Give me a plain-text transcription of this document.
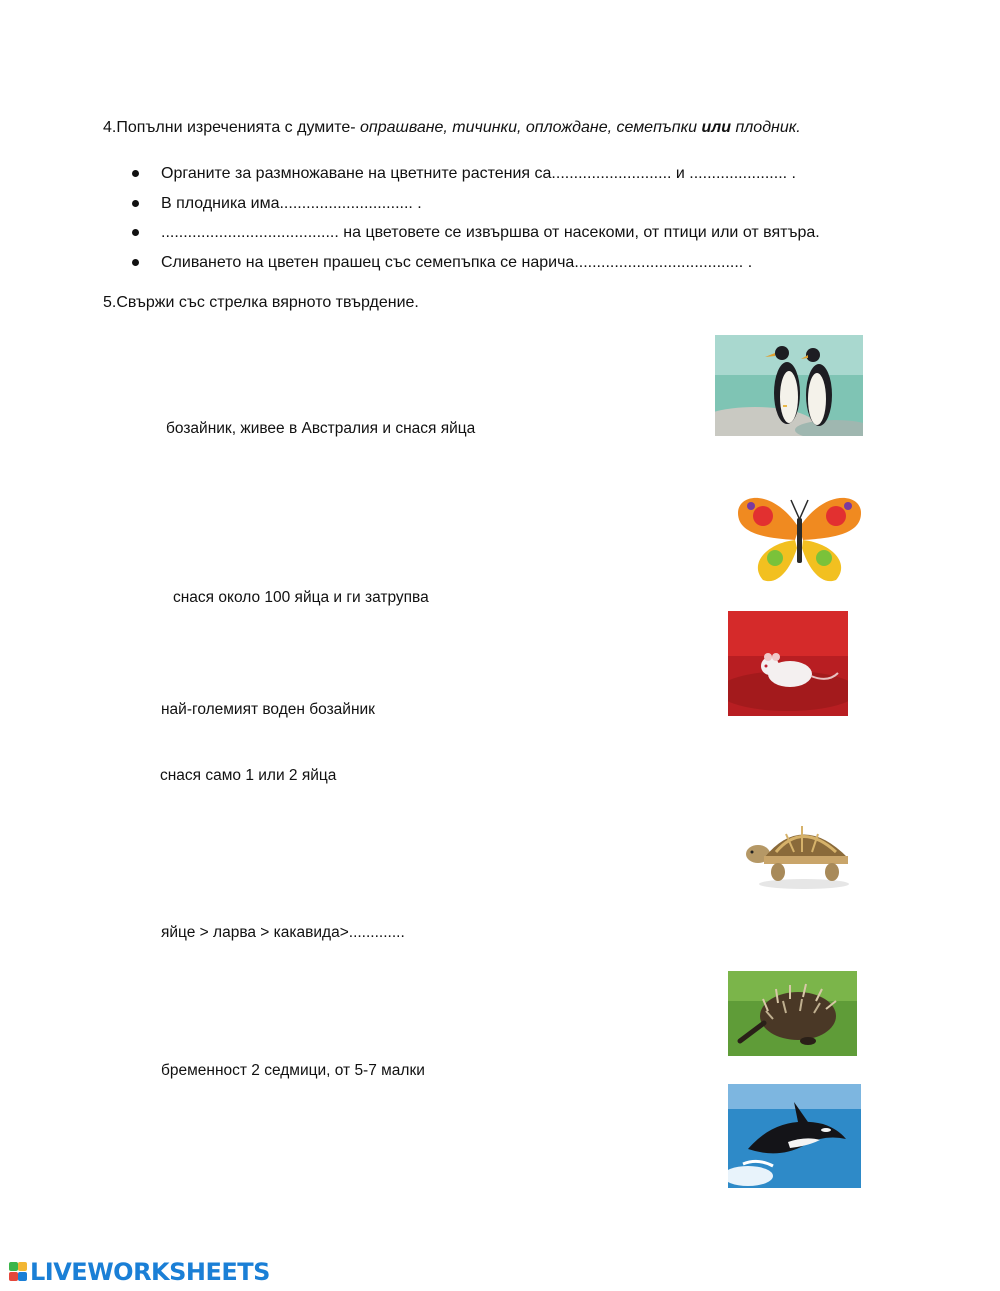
4.Попълни изреченията с думите- опрашване, тичинки, оплождане, семепъпки или плодник.
Органите за размножаване на цветните растения са........................... и ...................... .
В плодника има.............................. .
........................................ на цветовете се извършва от насекоми, от птици или от вятъра.
Сливането на цветен прашец със семепъпка се нарича...................................... .
5.Свържи със стрелка вярното твърдение.
бозайник, живее в Австралия и снася яйца
снася около 100 яйца и ги затрупва
най-големият воден бозайник
снася само 1 или 2 яйца
яйце > ларва > какавида>.............
бременност 2 седмици, от 5-7 малки
LIVEWORKSHEETS
